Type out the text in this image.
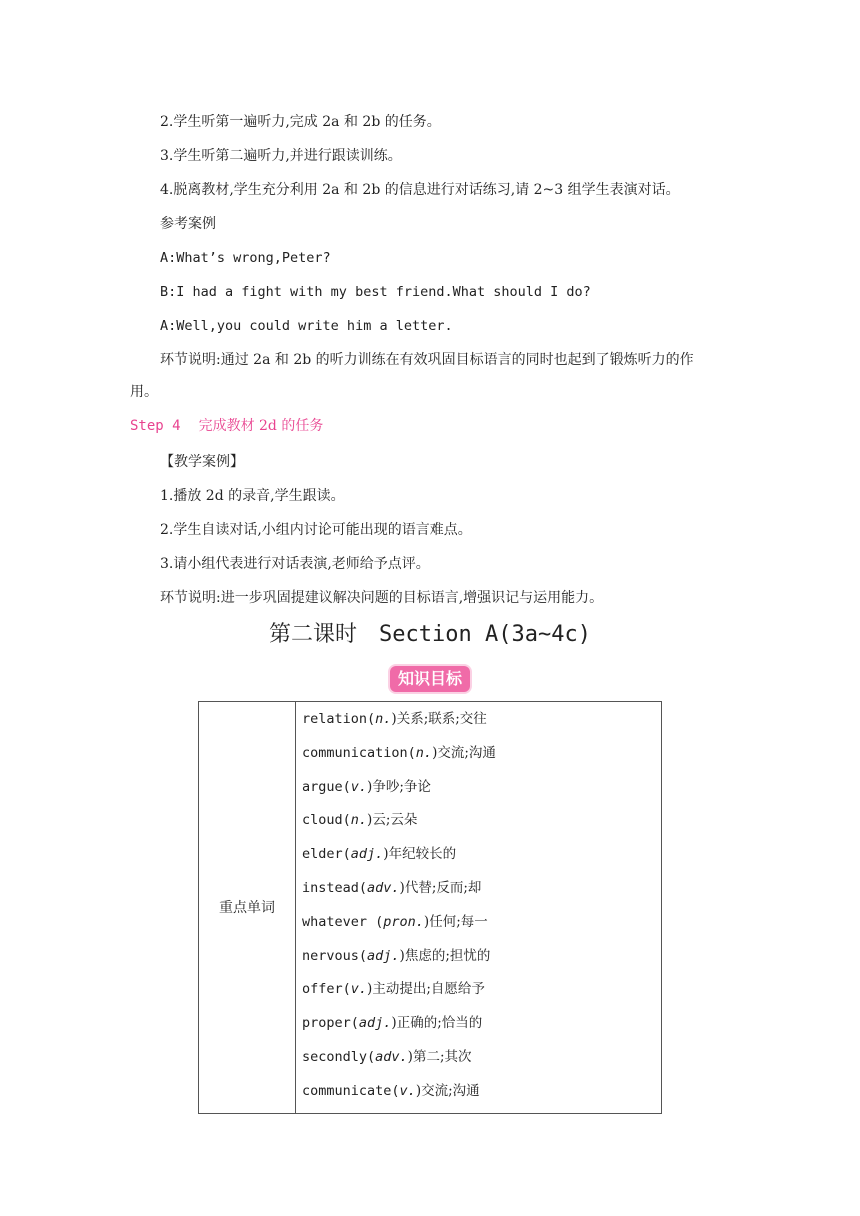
2.学生听第一遍听力,完成 2a 和 2b 的任务。
3.学生听第二遍听力,并进行跟读训练。
4.脱离教材,学生充分利用 2a 和 2b 的信息进行对话练习,请 2~3 组学生表演对话。
参考案例
A:What’s wrong,Peter?
B:I had a fight with my best friend.What should I do?
A:Well,you could write him a letter.
环节说明:通过 2a 和 2b 的听力训练在有效巩固目标语言的同时也起到了锻炼听力的作
用。
Step 4 完成教材 2d 的任务
【教学案例】
1.播放 2d 的录音,学生跟读。
2.学生自读对话,小组内讨论可能出现的语言难点。
3.请小组代表进行对话表演,老师给予点评。
环节说明:进一步巩固提建议解决问题的目标语言,增强识记与运用能力。
第二课时 Section A(3a~4c)
知识目标
重点单词	
relation(n.)关系;联系;交往
communication(n.)交流;沟通
argue(v.)争吵;争论
cloud(n.)云;云朵
elder(adj.)年纪较长的
instead(adv.)代替;反而;却
whatever (pron.)任何;每一
nervous(adj.)焦虑的;担忧的
offer(v.)主动提出;自愿给予
proper(adj.)正确的;恰当的
secondly(adv.)第二;其次
communicate(v.)交流;沟通
